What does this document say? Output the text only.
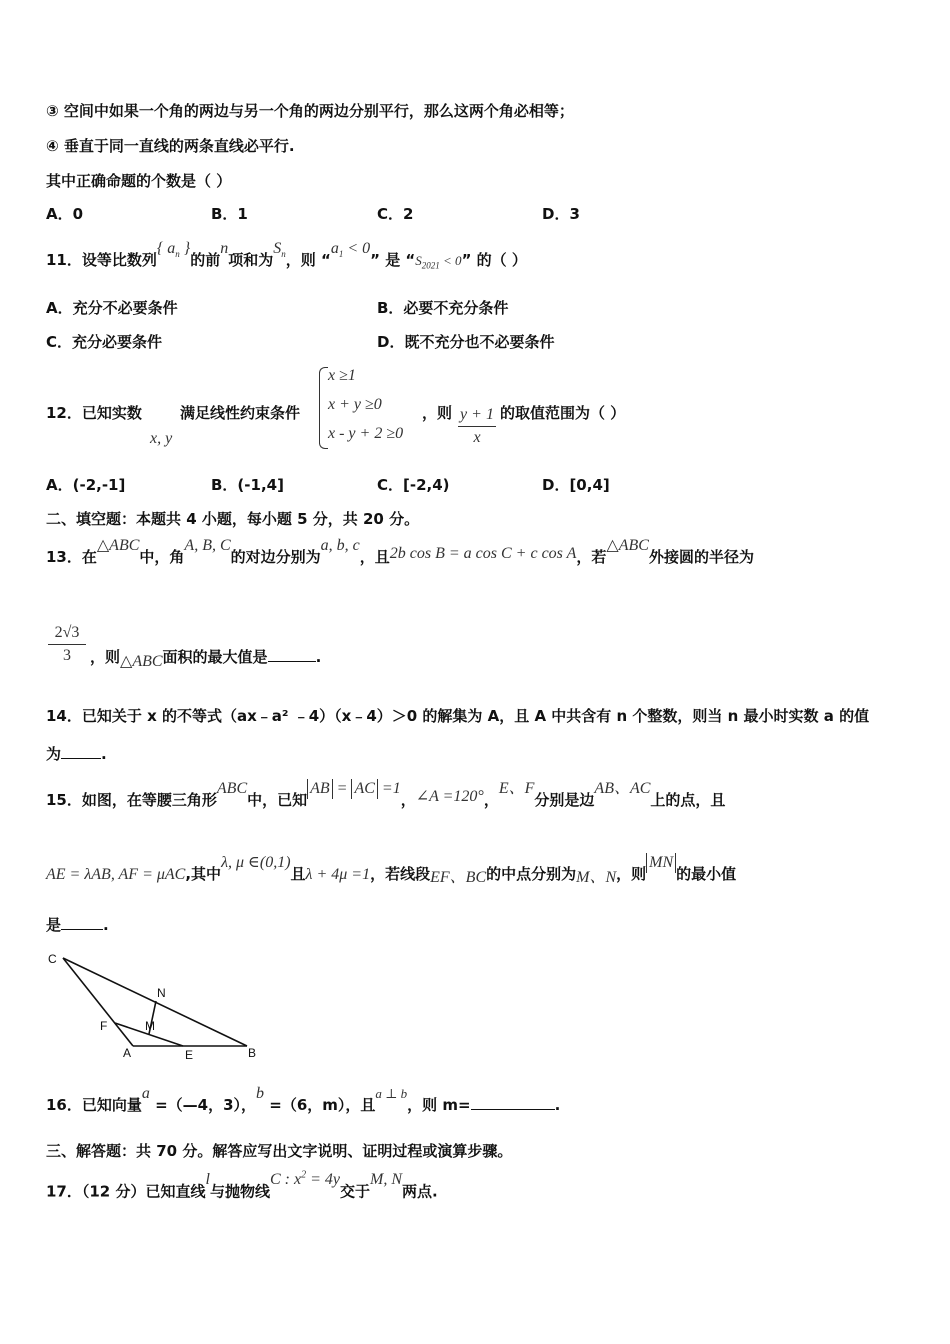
③ 空间中如果一个角的两边与另一个角的两边分别平行，那么这两个角必相等；
④ 垂直于同一直线的两条直线必平行.
其中正确命题的个数是（ ）
A．0	B．1	C．2	D．3
11．设等比数列{ $a_n$ }的前n项和为$S_n$，则 “$a_1 < 0$” 是 “$S_{2021} < 0$” 的（ ）
A．充分不必要条件	B．必要不充分条件
C．充分必要条件	D．既不充分也不必要条件
12．已知实数
x, y
满足线性约束条件
x ≥1
x + y ≥0
x - y + 2 ≥0
，则 y + 1
x
的取值范围为（ ）
A．(-2,-1]	B．(-1,4]	C．[-2,4)	D．[0,4]
二、填空题：本题共 4 小题，每小题 5 分，共 20 分。
13．在△ABC中，角A, B, C的对边分别为a, b, c，且2b cos B = a cos C + c cos A，若△ABC外接圆的半径为
2√3
3	，则△ABC面积的最大值是	.
14．已知关于 x 的不等式（ax﹣a² ﹣4）（x﹣4）＞0 的解集为 A，且 A 中共含有 n 个整数，则当 n 最小时实数 a 的值
为	.
15．如图，在等腰三角形ABC中，已知AB = AC =1，∠A =120°，E、F分别是边AB、AC上的点，且
AE = λAB, AF = μAC,其中λ, μ ∈(0,1)且λ + 4μ =1，若线段EF、BC的中点分别为M、N，则MN的最小值
是	.
C
N
M
F
A	E	B
16．已知向量a =（—4，3），b =（6，m），且a ⊥ b，则 m=	.
三、解答题：共 70 分。解答应写出文字说明、证明过程或演算步骤。
17．（12 分）已知直线l与抛物线C : $x^2 = 4y$交于M, N两点.
